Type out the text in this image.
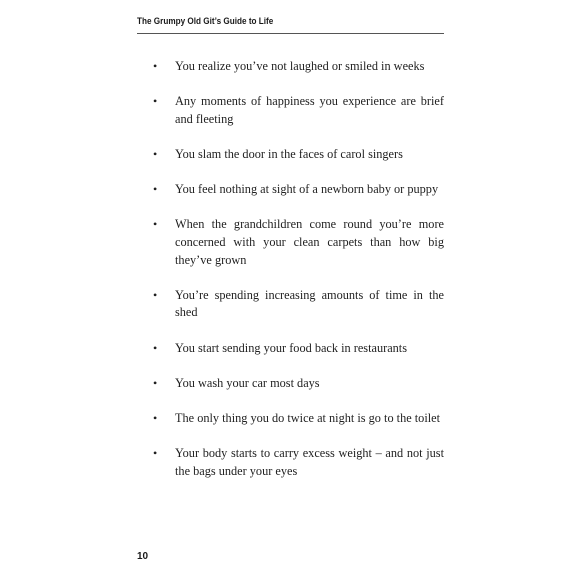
The Grumpy Old Git’s Guide to Life
• You realize you’ve not laughed or smiled in weeks
• Any moments of happiness you experience are brief and fleeting
• You slam the door in the faces of carol singers
• You feel nothing at sight of a newborn baby or puppy
• When the grandchildren come round you’re more concerned with your clean carpets than how big they’ve grown
• You’re spending increasing amounts of time in the shed
• You start sending your food back in restaurants
• You wash your car most days
• The only thing you do twice at night is go to the toilet
• Your body starts to carry excess weight – and not just the bags under your eyes
10
